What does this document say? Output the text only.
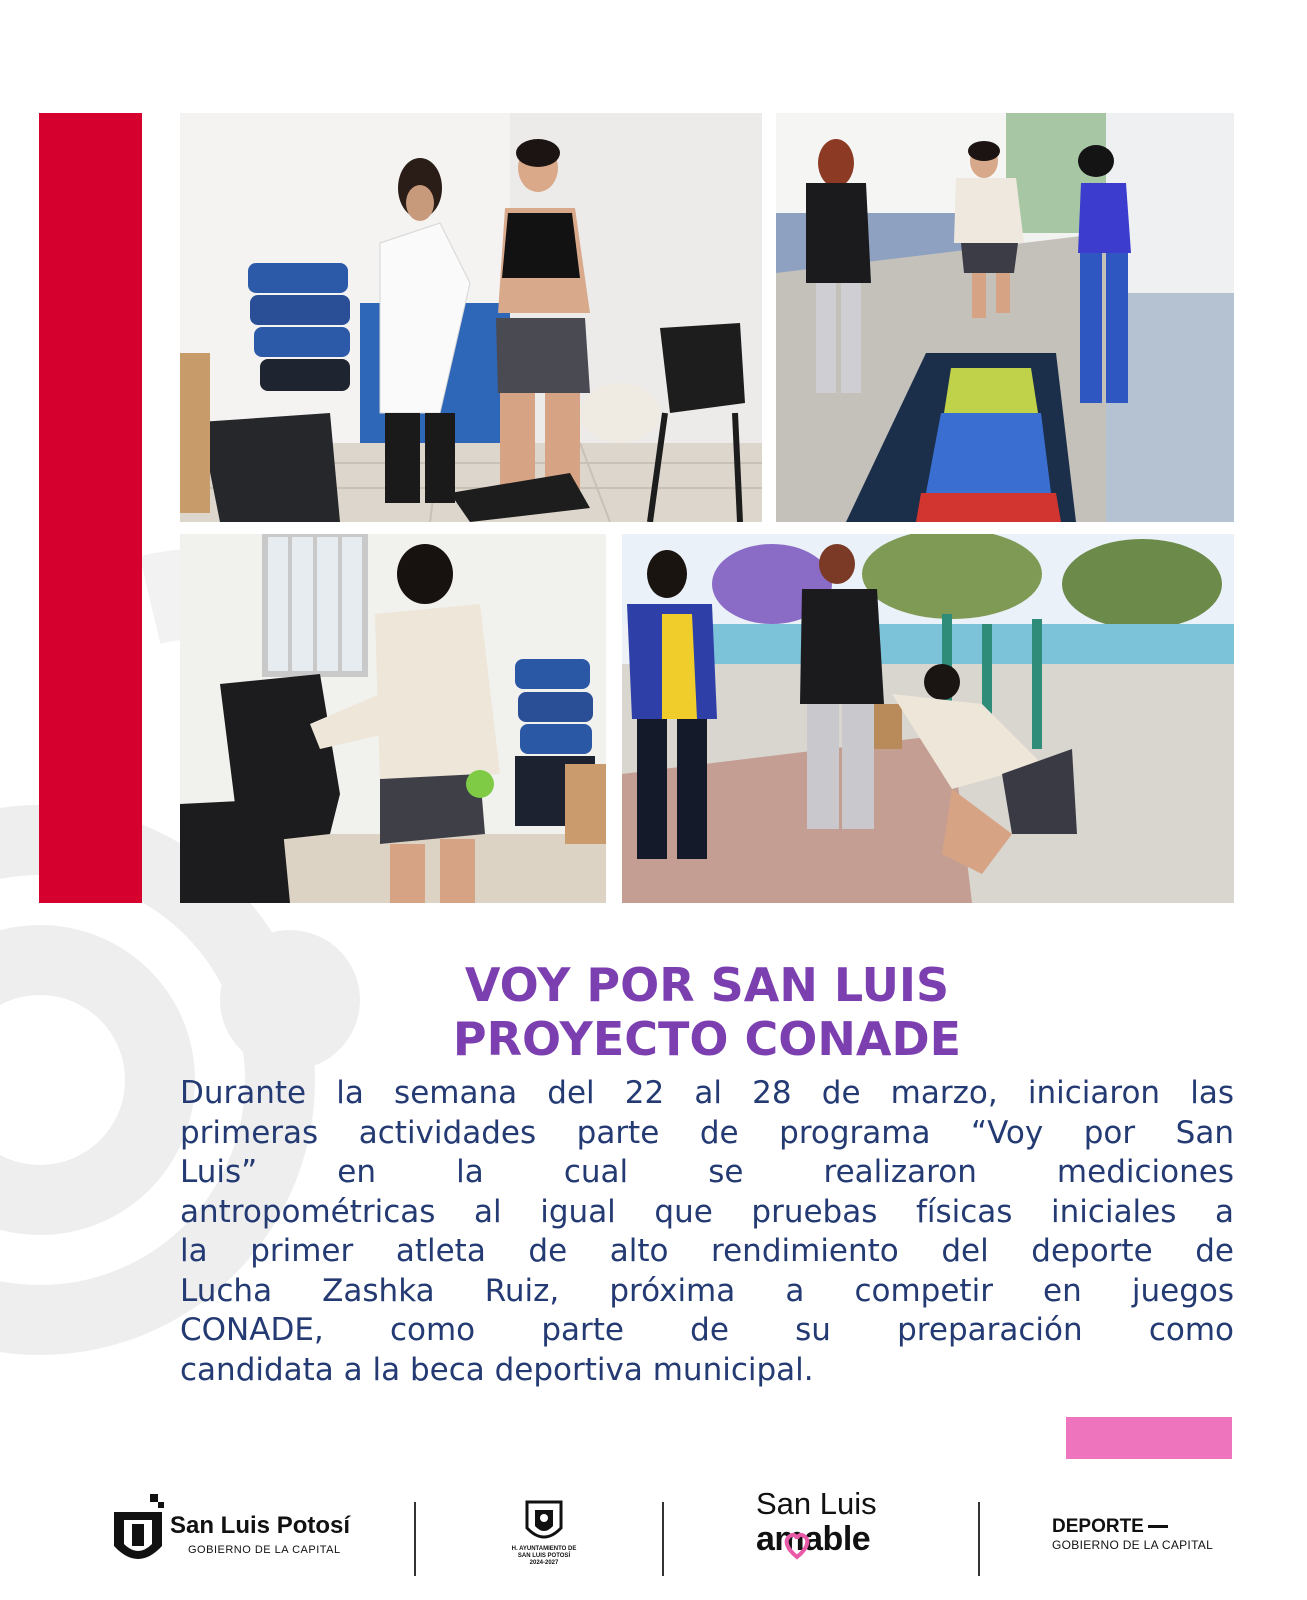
VOY POR SAN LUIS
PROYECTO CONADE
Durante la semana del 22 al 28 de marzo, iniciaron las
primeras actividades parte de programa “Voy por San
Luis” en la cual se realizaron mediciones
antropométricas al igual que pruebas físicas iniciales a
la primer atleta de alto rendimiento del deporte de
Lucha Zashka Ruiz, próxima a competir en juegos
CONADE, como parte de su preparación como
candidata a la beca deportiva municipal.
San Luis Potosí
GOBIERNO DE LA CAPITAL	H. AYUNTAMIENTO DE
SAN LUIS POTOSÍ
2024-2027
San Luis
amable	DEPORTE
GOBIERNO DE LA CAPITAL
